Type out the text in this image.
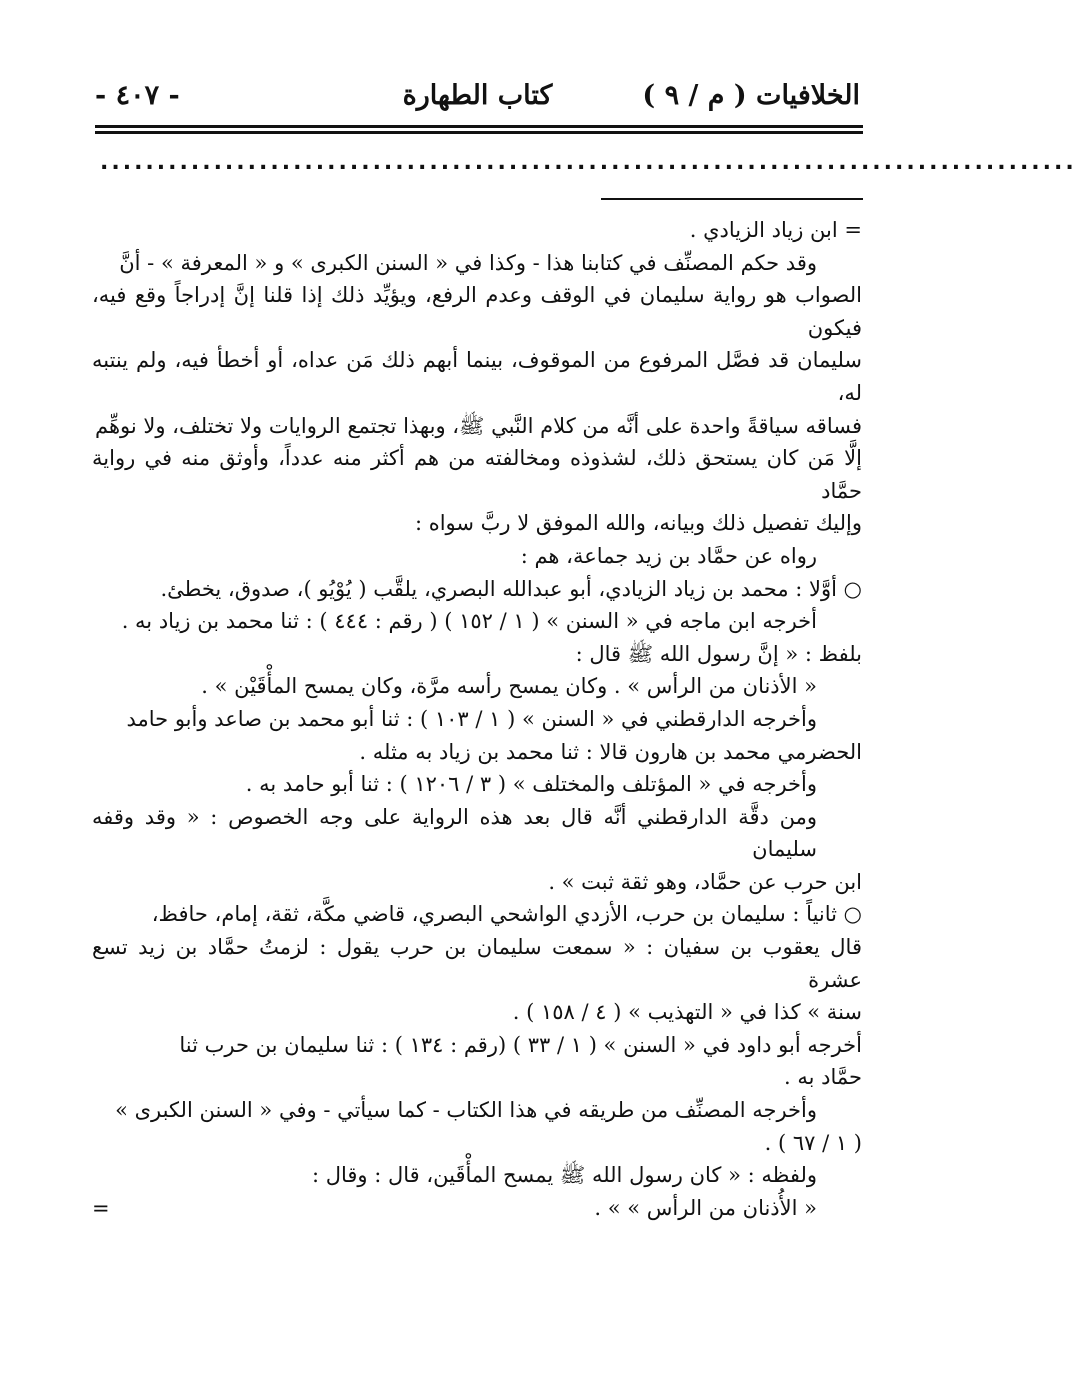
الخلافيات ( م / ٩ )
كتاب الطهارة
- ٤٠٧ -
......................................................................................

= ابن زياد الزيادي .

وقد حكم المصنِّف في كتابنا هذا - وكذا في « السنن الكبرى » و « المعرفة » - أنَّ

الصواب هو رواية سليمان في الوقف وعدم الرفع، ويؤيِّد ذلك إذا قلنا إنَّ إدراجاً وقع فيه، فيكون

سليمان قد فصَّل المرفوع من الموقوف، بينما أبهم ذلك مَن عداه، أو أخطأ فيه، ولم ينتبه له،

فساقه سياقةً واحدة على أنَّه من كلام النَّبي ﷺ، وبهذا تجتمع الروايات ولا تختلف، ولا نوهِّم

إلَّا مَن كان يستحق ذلك، لشذوذه ومخالفته من هم أكثر منه عدداً، وأوثق منه في رواية حمَّاد

وإليك تفصيل ذلك وبيانه، والله الموفق لا ربَّ سواه :

رواه عن حمَّاد بن زيد جماعة، هم :

○ أوَّلا : محمد بن زياد الزيادي، أبو عبدالله البصري، يلقَّب ( يُوْيُو )، صدوق، يخطئ.

أخرجه ابن ماجه في « السنن » ( ١ / ١٥٢ ) ( رقم : ٤٤٤ ) : ثنا محمد بن زياد به .

بلفظ : « إنَّ رسول الله ﷺ قال :

« الأذنان من الرأس » . وكان يمسح رأسه مرَّة، وكان يمسح المأْقَيْن » .

وأخرجه الدارقطني في « السنن » ( ١ / ١٠٣ ) : ثنا أبو محمد بن صاعد وأبو حامد

الحضرمي محمد بن هارون قالا : ثنا محمد بن زياد به مثله .

وأخرجه في « المؤتلف والمختلف » ( ٣ / ١٢٠٦ ) : ثنا أبو حامد به .

ومن دقَّة الدارقطني أنَّه قال بعد هذه الرواية على وجه الخصوص : « وقد وقفه سليمان

ابن حرب عن حمَّاد، وهو ثقة ثبت » .

○ ثانياً : سليمان بن حرب، الأزدي الواشحي البصري، قاضي مكَّة، ثقة، إمام، حافظ،

قال يعقوب بن سفيان : « سمعت سليمان بن حرب يقول : لزمتُ حمَّاد بن زيد تسع عشرة

سنة » كذا في « التهذيب » ( ٤ / ١٥٨ ) .

أخرجه أبو داود في « السنن » ( ١ / ٣٣ ) (رقم : ١٣٤ ) : ثنا سليمان بن حرب ثنا

حمَّاد به .

وأخرجه المصنِّف من طريقه في هذا الكتاب - كما سيأتي - وفي « السنن الكبرى »

( ١ / ٦٧ ) .

ولفظه : « كان رسول الله ﷺ يمسح المأْقَين، قال : وقال :

« الأُذنان من الرأس » » .
=
